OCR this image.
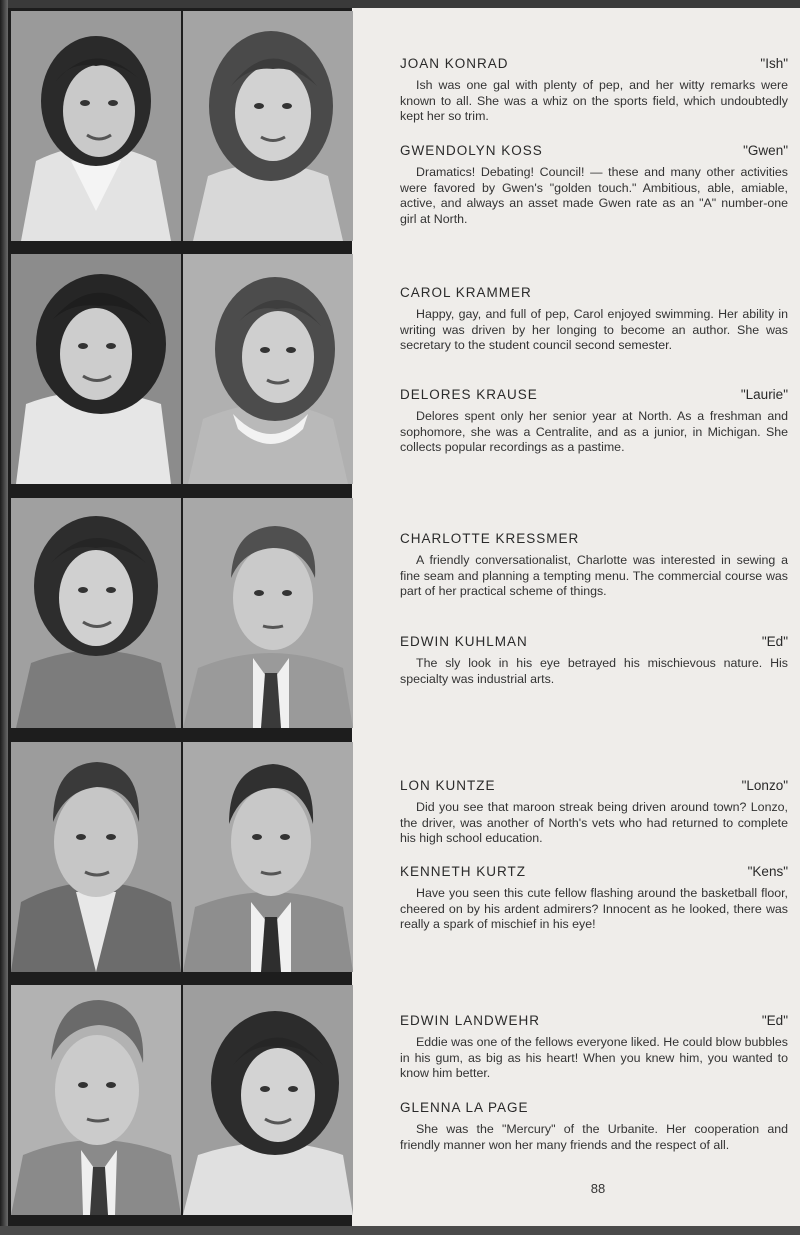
JOAN KONRAD	"Ish"
Ish was one gal with plenty of pep, and her witty remarks were known to all. She was a whiz on the sports field, which undoubtedly kept her so trim.
GWENDOLYN KOSS	"Gwen"
Dramatics! Debating! Council! — these and many other activities were favored by Gwen's "golden touch." Ambitious, able, amiable, active, and always an asset made Gwen rate as an "A" number-one girl at North.
CAROL KRAMMER
Happy, gay, and full of pep, Carol enjoyed swimming. Her ability in writing was driven by her longing to become an author. She was secretary to the student council second semester.
DELORES KRAUSE	"Laurie"
Delores spent only her senior year at North. As a freshman and sophomore, she was a Centralite, and as a junior, in Michigan. She collects popular recordings as a pastime.
CHARLOTTE KRESSMER
A friendly conversationalist, Charlotte was interested in sewing a fine seam and planning a tempting menu. The commercial course was part of her practical scheme of things.
EDWIN KUHLMAN	"Ed"
The sly look in his eye betrayed his mischievous nature. His specialty was industrial arts.
LON KUNTZE	"Lonzo"
Did you see that maroon streak being driven around town? Lonzo, the driver, was another of North's vets who had returned to complete his high school education.
KENNETH KURTZ	"Kens"
Have you seen this cute fellow flashing around the basketball floor, cheered on by his ardent admirers? Innocent as he looked, there was really a spark of mischief in his eye!
EDWIN LANDWEHR	"Ed"
Eddie was one of the fellows everyone liked. He could blow bubbles in his gum, as big as his heart! When you knew him, you wanted to know him better.
GLENNA LA PAGE
She was the "Mercury" of the Urbanite. Her cooperation and friendly manner won her many friends and the respect of all.
88
